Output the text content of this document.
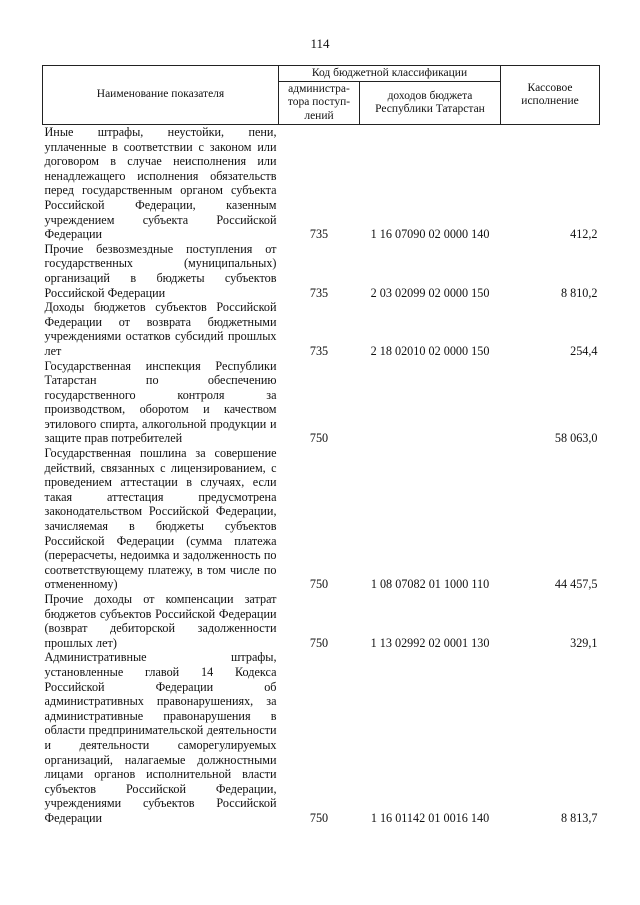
114
Наименование показателя	Код бюджетной классификации		Кассовое исполнение
	администра-тора поступ-лений	доходов бюджета Республики Татарстан	
Иные штрафы, неустойки, пени, уплаченные в соответствии с законом или договором в случае неисполнения или ненадлежащего исполнения обязательств перед государственным органом субъекта Российской Федерации, казенным учреждением субъекта Российской Федерации	735	1 16 07090 02 0000 140	412,2
Прочие безвозмездные поступления от государственных (муниципальных) организаций в бюджеты субъектов Российской Федерации	735	2 03 02099 02 0000 150	8 810,2
Доходы бюджетов субъектов Российской Федерации от возврата бюджетными учреждениями остатков субсидий прошлых лет	735	2 18 02010 02 0000 150	254,4
Государственная инспекция Республики Татарстан по обеспечению государственного контроля за производством, оборотом и качеством этилового спирта, алкогольной продукции и защите прав потребителей	750		58 063,0
Государственная пошлина за совершение действий, связанных с лицензированием, с проведением аттестации в случаях, если такая аттестация предусмотрена законодательством Российской Федерации, зачисляемая в бюджеты субъектов Российской Федерации (сумма платежа (перерасчеты, недоимка и задолженность по соответствующему платежу, в том числе по отмененному)	750	1 08 07082 01 1000 110	44 457,5
Прочие доходы от компенсации затрат бюджетов субъектов Российской Федерации (возврат дебиторской задолженности прошлых лет)	750	1 13 02992 02 0001 130	329,1
Административные штрафы, установленные главой 14 Кодекса Российской Федерации об административных правонарушениях, за административные правонарушения в области предпринимательской деятельности и деятельности саморегулируемых организаций, налагаемые должностными лицами органов исполнительной власти субъектов Российской Федерации, учреждениями субъектов Российской Федерации	750	1 16 01142 01 0016 140	8 813,7
